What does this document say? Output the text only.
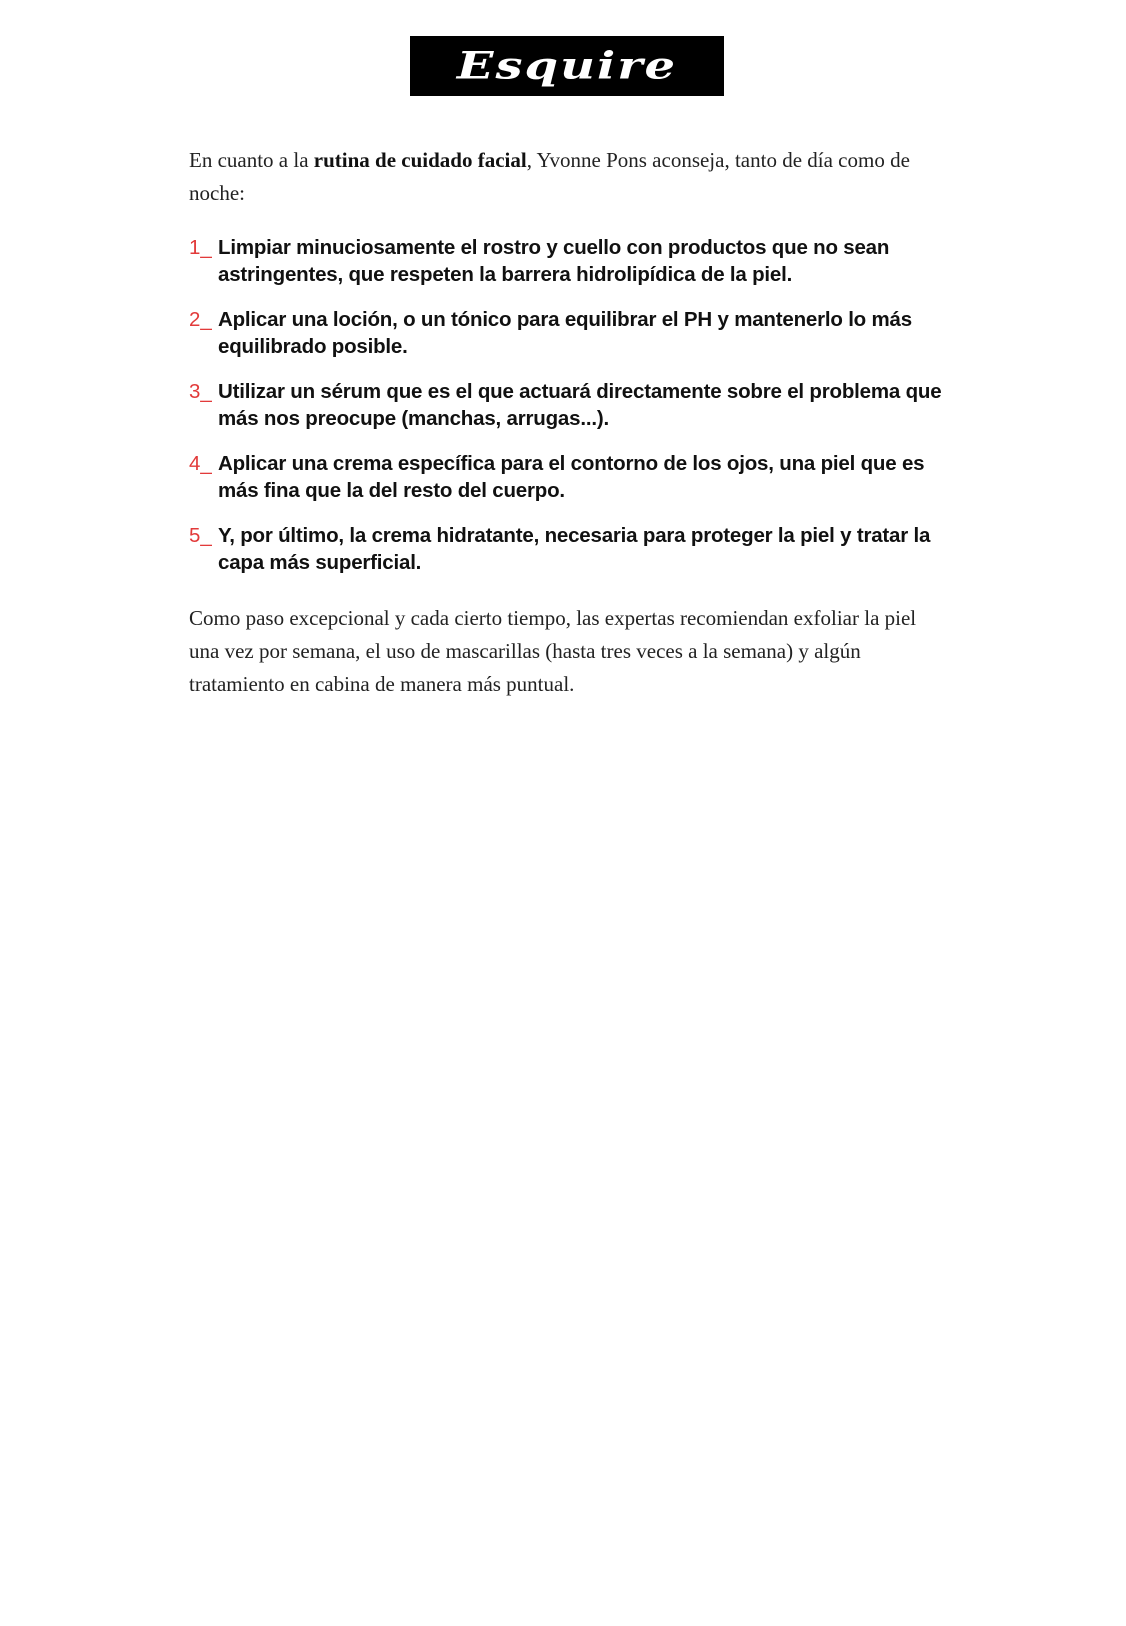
Esquire

En cuanto a la rutina de cuidado facial, Yvonne Pons aconseja, tanto de día como de noche:

1_ Limpiar minuciosamente el rostro y cuello con productos que no sean astringentes, que respeten la barrera hidrolipídica de la piel.
2_ Aplicar una loción, o un tónico para equilibrar el PH y mantenerlo lo más equilibrado posible.
3_ Utilizar un sérum que es el que actuará directamente sobre el problema que más nos preocupe (manchas, arrugas...).
4_ Aplicar una crema específica para el contorno de los ojos, una piel que es más fina que la del resto del cuerpo.
5_ Y, por último, la crema hidratante, necesaria para proteger la piel y tratar la capa más superficial.

Como paso excepcional y cada cierto tiempo, las expertas recomiendan exfoliar la piel una vez por semana, el uso de mascarillas (hasta tres veces a la semana) y algún tratamiento en cabina de manera más puntual.
